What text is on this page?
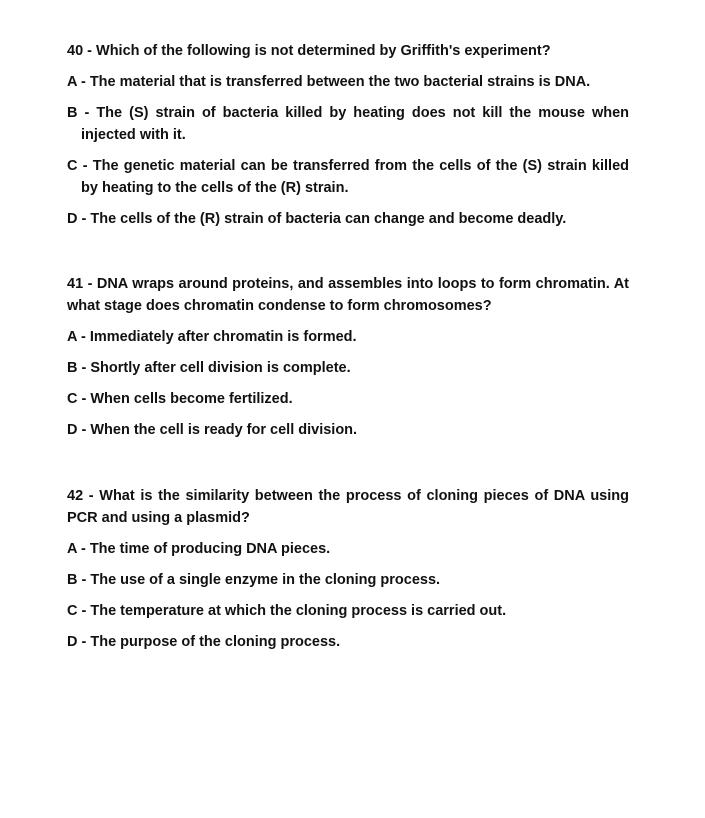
40 - Which of the following is not determined by Griffith's experiment?

A - The material that is transferred between the two bacterial strains is DNA.

B - The (S) strain of bacteria killed by heating does not kill the mouse when injected with it.

C - The genetic material can be transferred from the cells of the (S) strain killed by heating to the cells of the (R) strain.

D - The cells of the (R) strain of bacteria can change and become deadly.

41 - DNA wraps around proteins, and assembles into loops to form chromatin. At what stage does chromatin condense to form chromosomes?

A - Immediately after chromatin is formed.

B - Shortly after cell division is complete.

C - When cells become fertilized.

D - When the cell is ready for cell division.

42 - What is the similarity between the process of cloning pieces of DNA using PCR and using a plasmid?

A - The time of producing DNA pieces.

B - The use of a single enzyme in the cloning process.

C - The temperature at which the cloning process is carried out.

D - The purpose of the cloning process.
